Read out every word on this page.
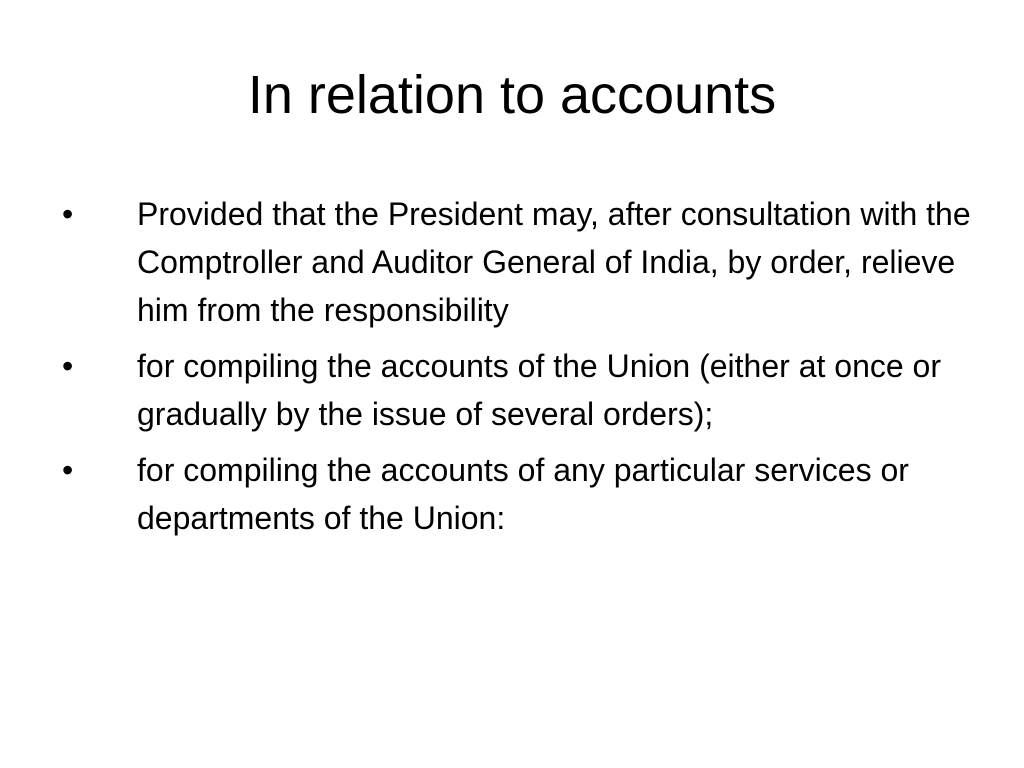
In relation to accounts
• Provided that the President may, after consultation with the Comptroller and Auditor General of India, by order, relieve him from the responsibility
• for compiling the accounts of the Union (either at once or gradually by the issue of several orders);
• for compiling the accounts of any particular services or departments of the Union:
